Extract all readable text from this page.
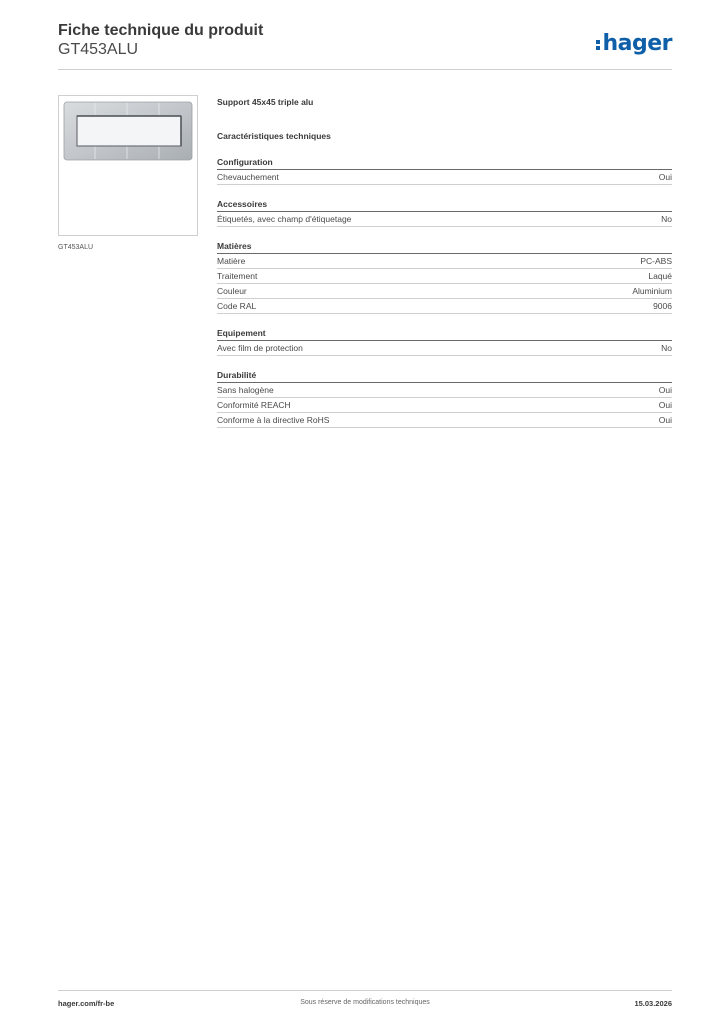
Fiche technique du produit
GT453ALU	hager
GT453ALU
Support 45x45 triple alu
Caractéristiques techniques
Configuration
Chevauchement	Oui
Accessoires
Étiquetés, avec champ d'étiquetage	No
Matières
Matière	PC-ABS
Traitement	Laqué
Couleur	Aluminium
Code RAL	9006
Equipement
Avec film de protection	No
Durabilité
Sans halogène	Oui
Conformité REACH	Oui
Conforme à la directive RoHS	Oui
hager.com/fr-be	Sous réserve de modifications techniques	15.03.2026
